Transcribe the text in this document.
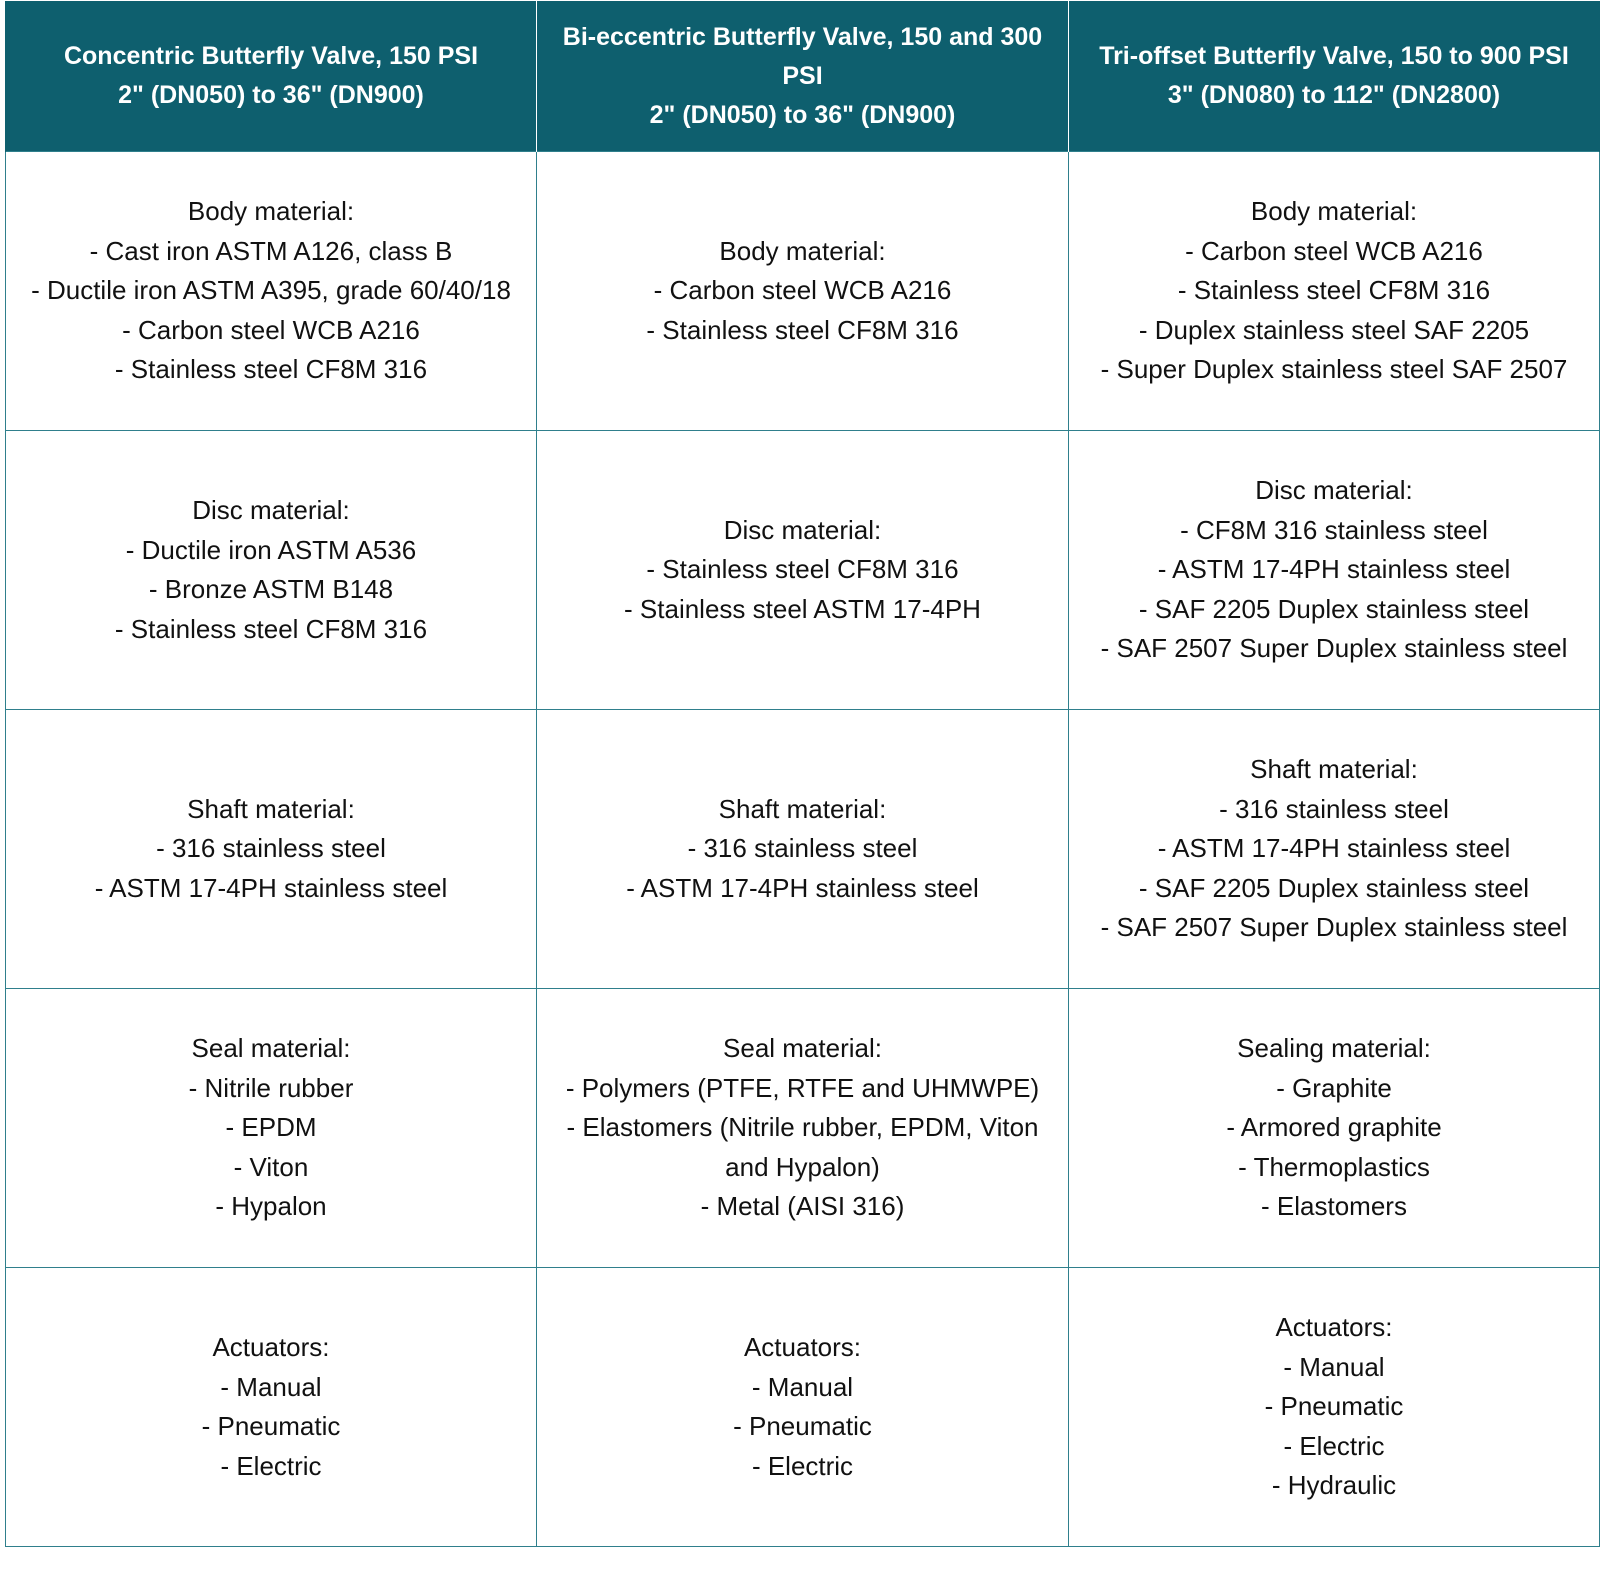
Concentric Butterfly Valve, 150 PSI
2" (DN050) to 36" (DN900)	Bi-eccentric Butterfly Valve, 150 and 300 PSI
2" (DN050) to 36" (DN900)	Tri-offset Butterfly Valve, 150 to 900 PSI
3" (DN080) to 112" (DN2800)

Body material:
- Cast iron ASTM A126, class B
- Ductile iron ASTM A395, grade 60/40/18
- Carbon steel WCB A216
- Stainless steel CF8M 316	Body material:
- Carbon steel WCB A216
- Stainless steel CF8M 316	Body material:
- Carbon steel WCB A216
- Stainless steel CF8M 316
- Duplex stainless steel SAF 2205
- Super Duplex stainless steel SAF 2507

Disc material:
- Ductile iron ASTM A536
- Bronze ASTM B148
- Stainless steel CF8M 316	Disc material:
- Stainless steel CF8M 316
- Stainless steel ASTM 17-4PH	Disc material:
- CF8M 316 stainless steel
- ASTM 17-4PH stainless steel
- SAF 2205 Duplex stainless steel
- SAF 2507 Super Duplex stainless steel

Shaft material:
- 316 stainless steel
- ASTM 17-4PH stainless steel	Shaft material:
- 316 stainless steel
- ASTM 17-4PH stainless steel	Shaft material:
- 316 stainless steel
- ASTM 17-4PH stainless steel
- SAF 2205 Duplex stainless steel
- SAF 2507 Super Duplex stainless steel

Seal material:
- Nitrile rubber
- EPDM
- Viton
- Hypalon	Seal material:
- Polymers (PTFE, RTFE and UHMWPE)
- Elastomers (Nitrile rubber, EPDM, Viton and Hypalon)
- Metal (AISI 316)	Sealing material:
- Graphite
- Armored graphite
- Thermoplastics
- Elastomers

Actuators:
- Manual
- Pneumatic
- Electric	Actuators:
- Manual
- Pneumatic
- Electric	Actuators:
- Manual
- Pneumatic
- Electric
- Hydraulic
